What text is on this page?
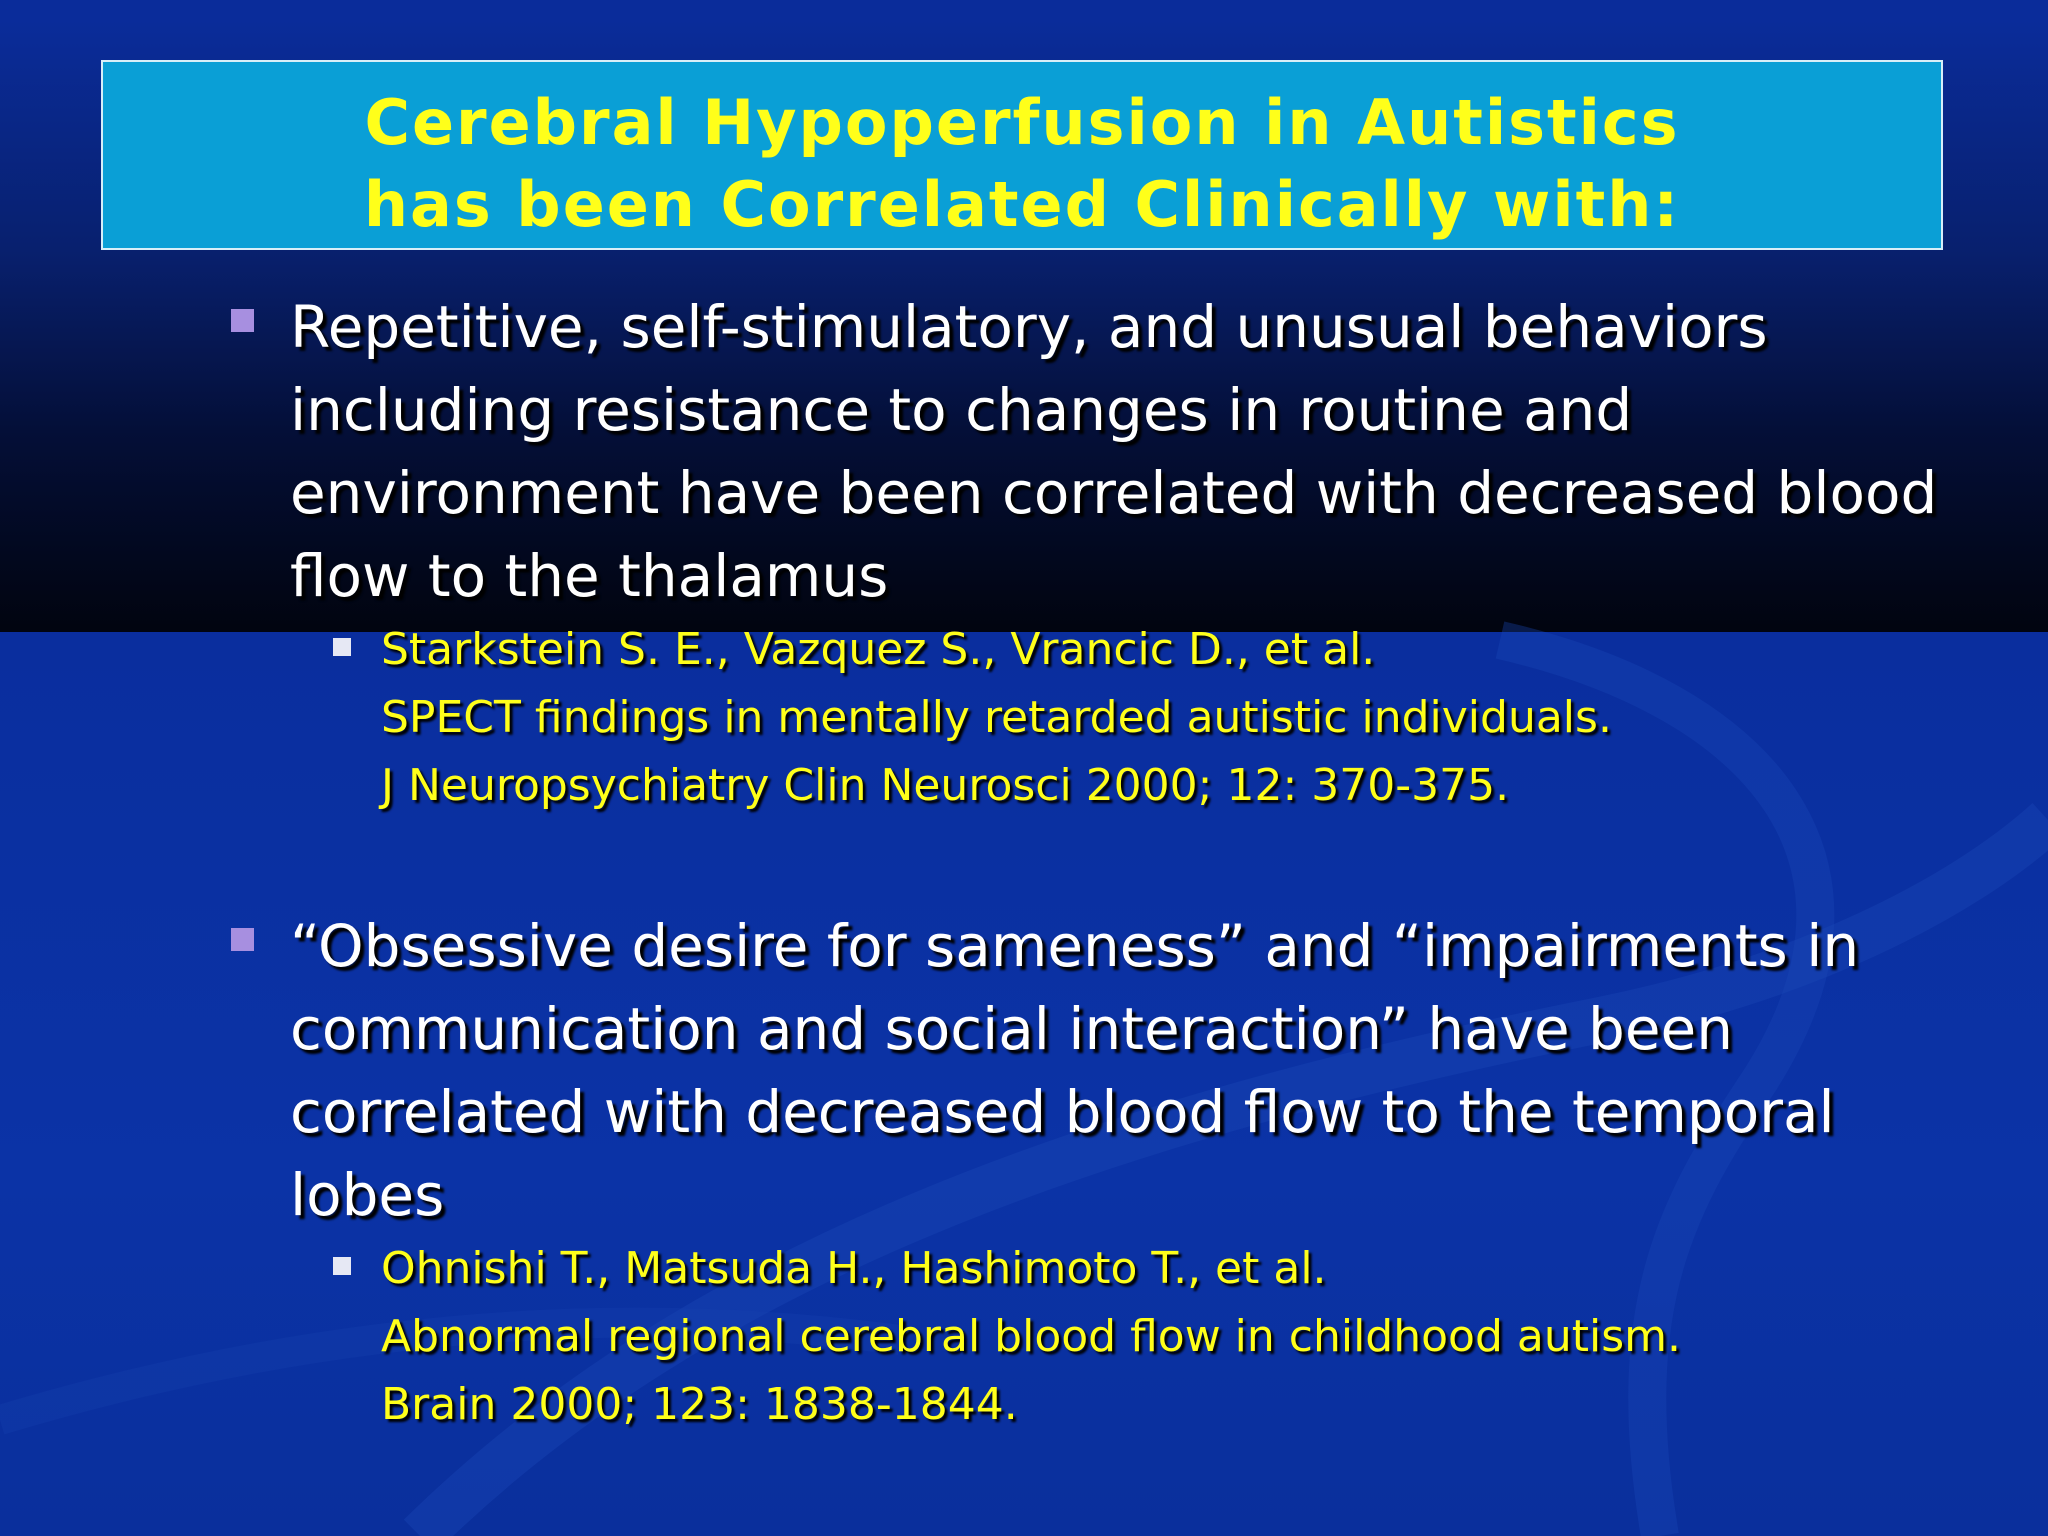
Cerebral Hypoperfusion in Autistics
has been Correlated Clinically with:
Repetitive, self-stimulatory, and unusual behaviors
including resistance to changes in routine and
environment have been correlated with decreased blood
flow to the thalamus
Starkstein S. E., Vazquez S., Vrancic D., et al.
SPECT findings in mentally retarded autistic individuals.
J Neuropsychiatry Clin Neurosci 2000; 12: 370-375.
“Obsessive desire for sameness” and “impairments in
communication and social interaction” have been
correlated with decreased blood flow to the temporal
lobes
Ohnishi T., Matsuda H., Hashimoto T., et al.
Abnormal regional cerebral blood flow in childhood autism.
Brain 2000; 123: 1838-1844.
